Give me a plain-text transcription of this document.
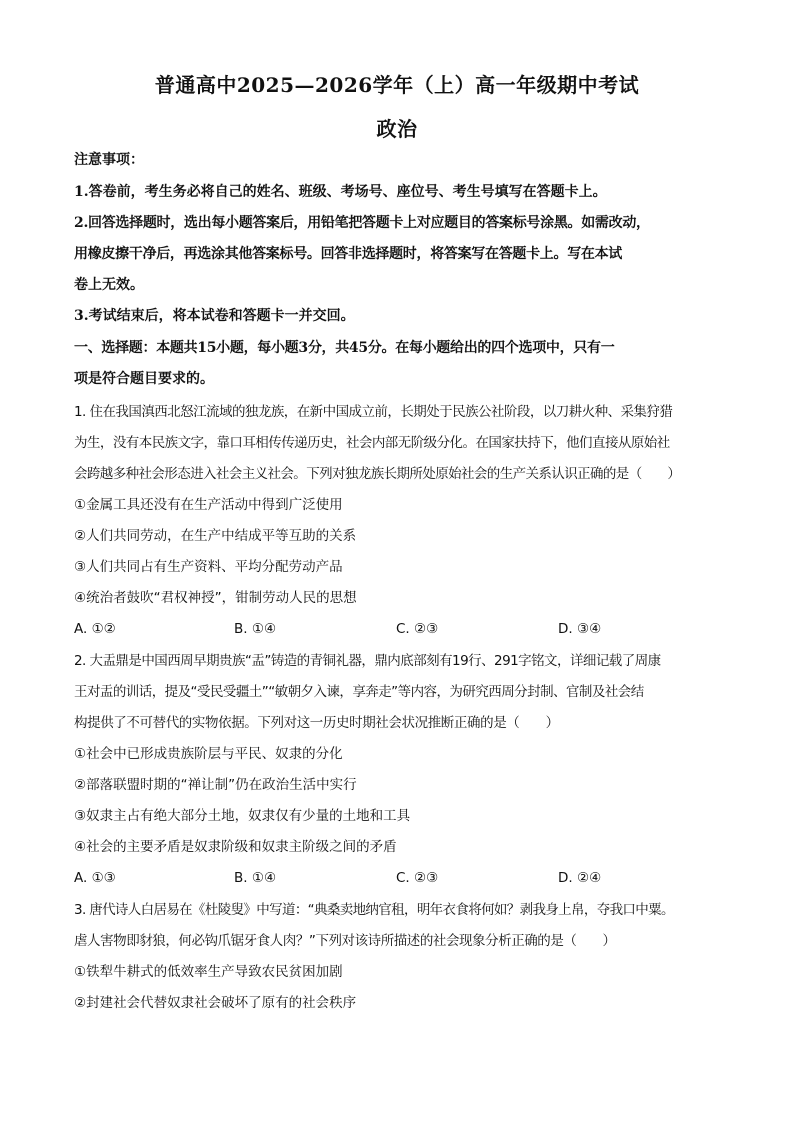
普通高中2025—2026学年（上）高一年级期中考试
政治
注意事项：
1.答卷前，考生务必将自己的姓名、班级、考场号、座位号、考生号填写在答题卡上。
2.回答选择题时，选出每小题答案后，用铅笔把答题卡上对应题目的答案标号涂黑。如需改动，
用橡皮擦干净后，再选涂其他答案标号。回答非选择题时，将答案写在答题卡上。写在本试
卷上无效。
3.考试结束后，将本试卷和答题卡一并交回。
一、选择题：本题共15小题，每小题3分，共45分。在每小题给出的四个选项中，只有一
项是符合题目要求的。
1. 住在我国滇西北怒江流域的独龙族，在新中国成立前，长期处于民族公社阶段，以刀耕火种、采集狩猎
为生，没有本民族文字，靠口耳相传传递历史，社会内部无阶级分化。在国家扶持下，他们直接从原始社
会跨越多种社会形态进入社会主义社会。下列对独龙族长期所处原始社会的生产关系认识正确的是（　　）
①金属工具还没有在生产活动中得到广泛使用
②人们共同劳动，在生产中结成平等互助的关系
③人们共同占有生产资料、平均分配劳动产品
④统治者鼓吹“君权神授”，钳制劳动人民的思想
A. ①②	B. ①④	C. ②③	D. ③④
2. 大盂鼎是中国西周早期贵族“盂”铸造的青铜礼器，鼎内底部刻有19行、291字铭文，详细记载了周康
王对盂的训话，提及“受民受疆土”“敏朝夕入谏，享奔走”等内容，为研究西周分封制、官制及社会结
构提供了不可替代的实物依据。下列对这一历史时期社会状况推断正确的是（　　）
①社会中已形成贵族阶层与平民、奴隶的分化
②部落联盟时期的“禅让制”仍在政治生活中实行
③奴隶主占有绝大部分土地，奴隶仅有少量的土地和工具
④社会的主要矛盾是奴隶阶级和奴隶主阶级之间的矛盾
A. ①③	B. ①④	C. ②③	D. ②④
3. 唐代诗人白居易在《杜陵叟》中写道：“典桑卖地纳官租，明年衣食将何如？剥我身上帛，夺我口中粟。
虐人害物即豺狼，何必钩爪锯牙食人肉？”下列对该诗所描述的社会现象分析正确的是（　　）
①铁犁牛耕式的低效率生产导致农民贫困加剧
②封建社会代替奴隶社会破坏了原有的社会秩序
